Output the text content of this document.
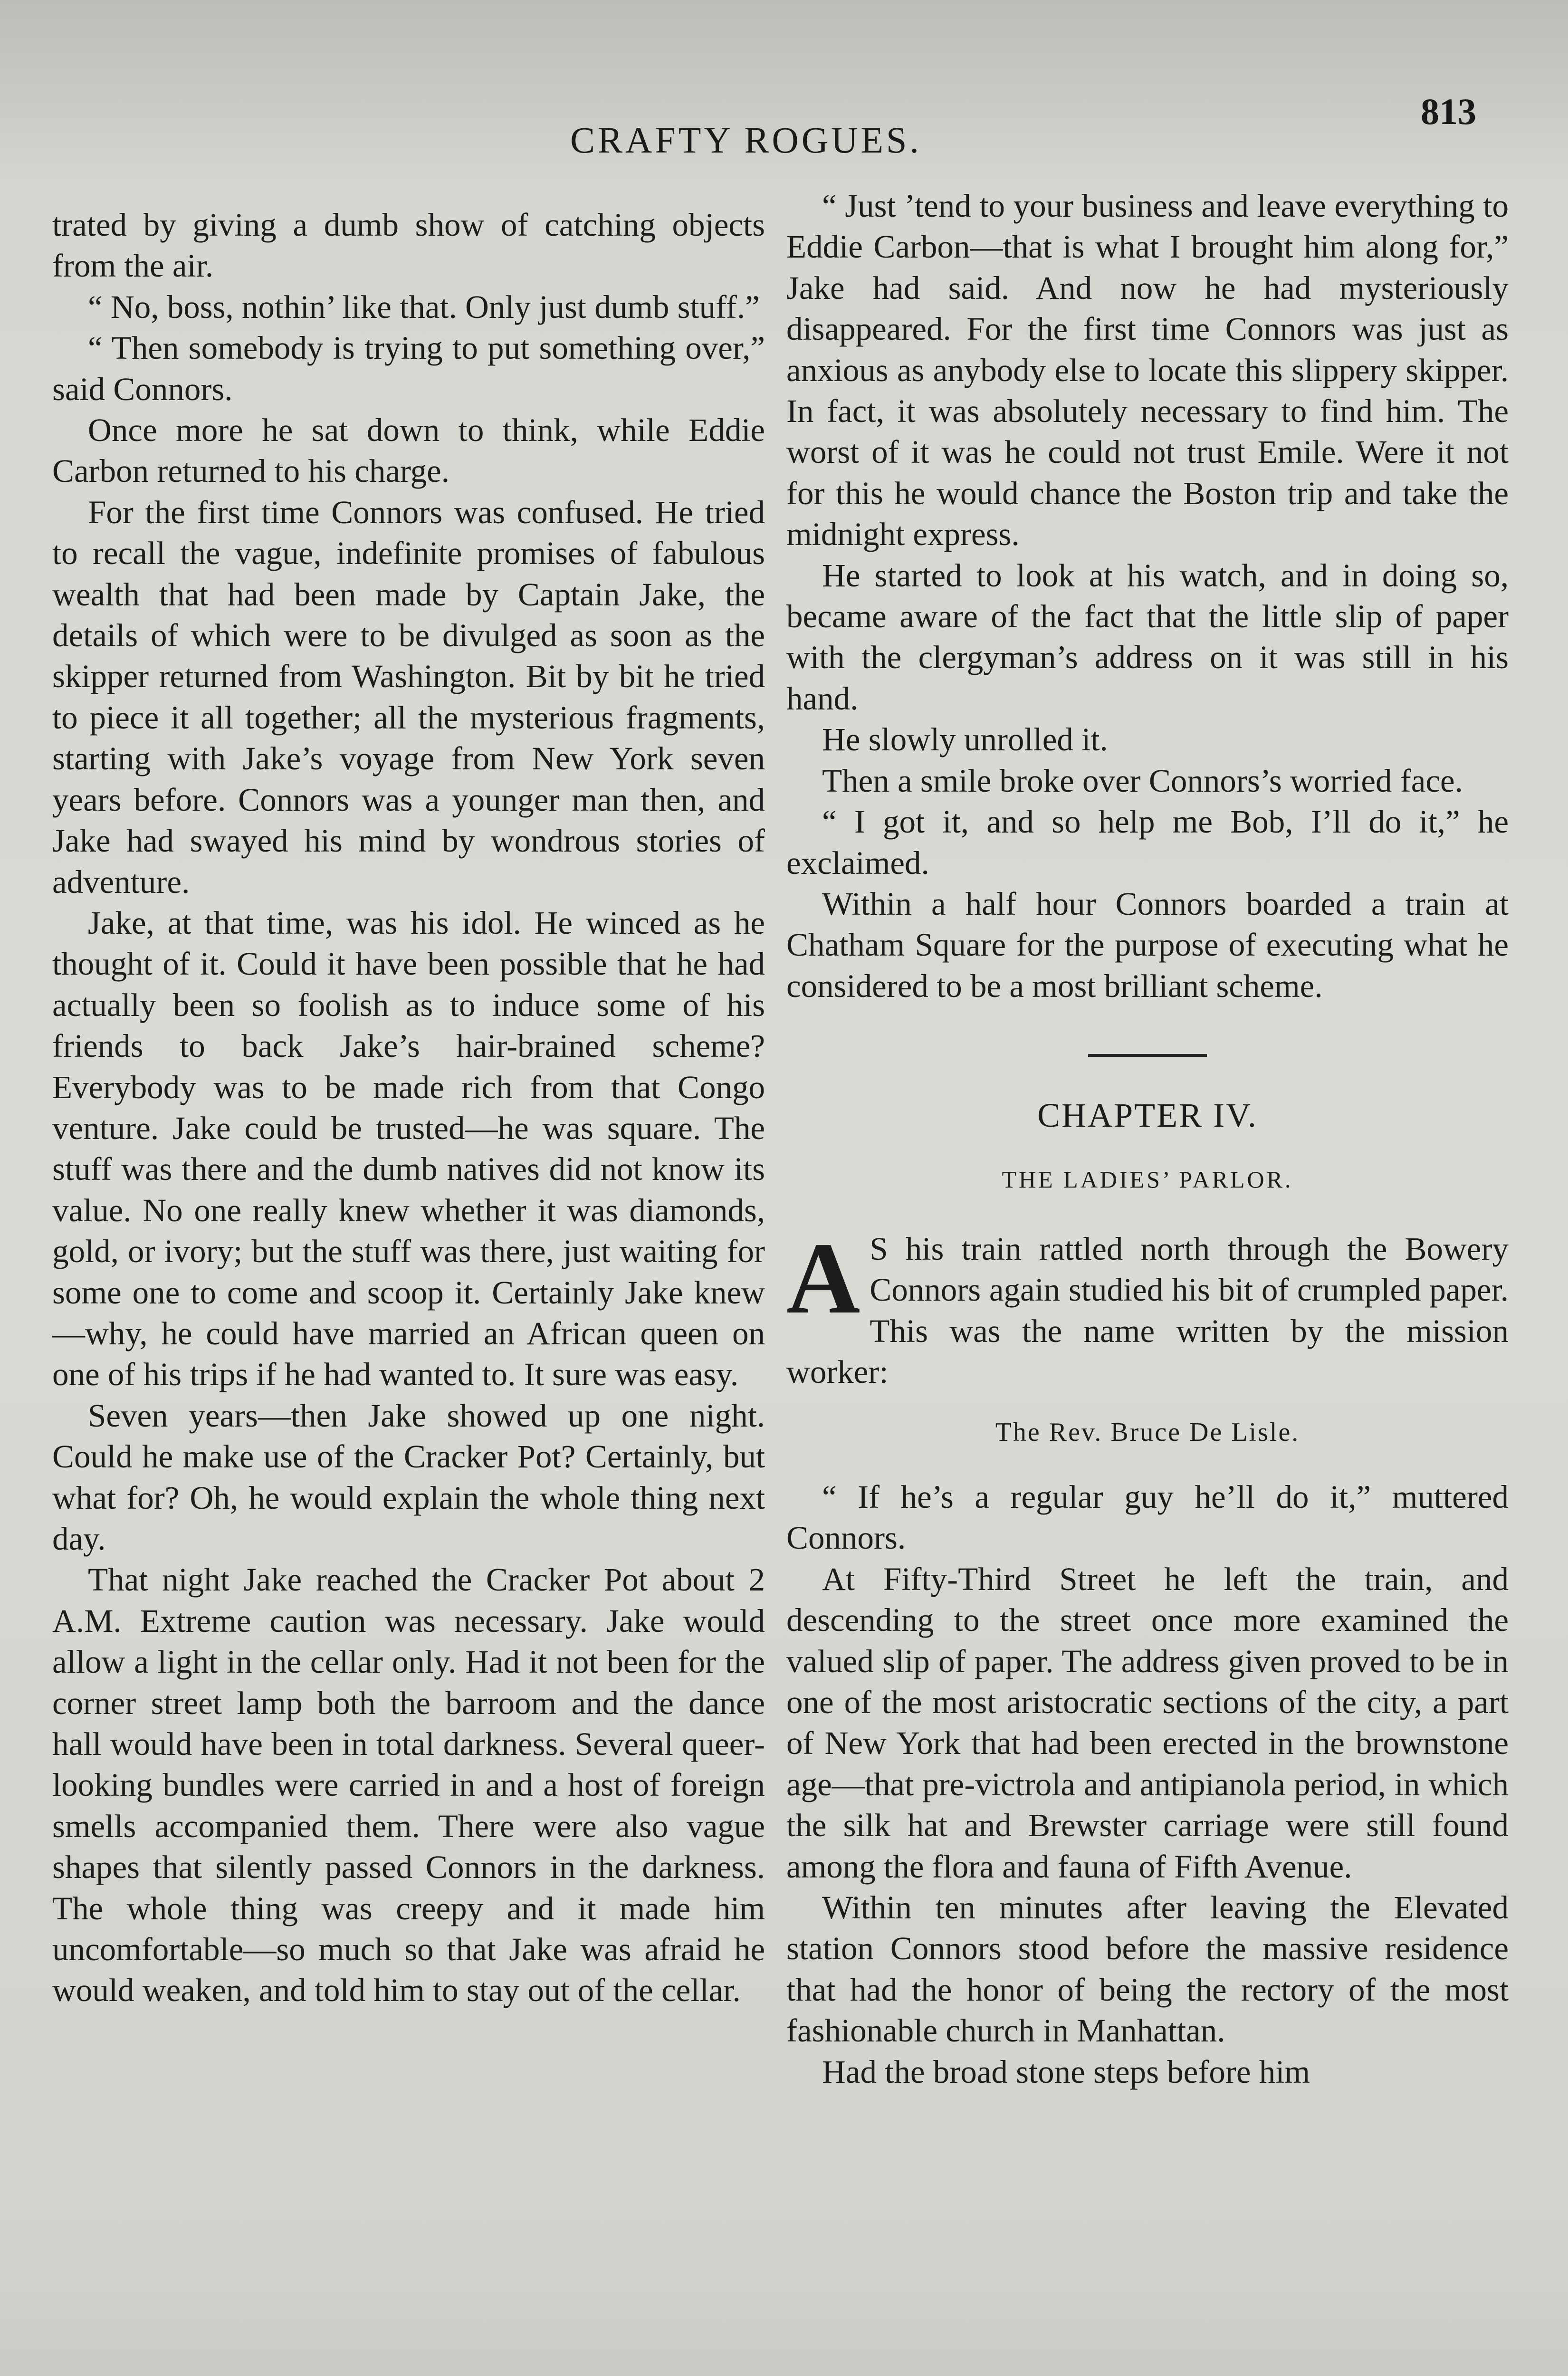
CRAFTY ROGUES.
813

trated by giving a dumb show of catching objects from the air.

“ No, boss, nothin’ like that. Only just dumb stuff.”

“ Then somebody is trying to put something over,” said Connors.

Once more he sat down to think, while Eddie Carbon returned to his charge.

For the first time Connors was confused. He tried to recall the vague, indefinite promises of fabulous wealth that had been made by Captain Jake, the details of which were to be divulged as soon as the skipper returned from Washington. Bit by bit he tried to piece it all together; all the mysterious fragments, starting with Jake’s voyage from New York seven years before. Connors was a younger man then, and Jake had swayed his mind by wondrous stories of adventure.

Jake, at that time, was his idol. He winced as he thought of it. Could it have been possible that he had actually been so foolish as to induce some of his friends to back Jake’s hair-brained scheme? Everybody was to be made rich from that Congo venture. Jake could be trusted—he was square. The stuff was there and the dumb natives did not know its value. No one really knew whether it was diamonds, gold, or ivory; but the stuff was there, just waiting for some one to come and scoop it. Certainly Jake knew—why, he could have married an African queen on one of his trips if he had wanted to. It sure was easy.

Seven years—then Jake showed up one night. Could he make use of the Cracker Pot? Certainly, but what for? Oh, he would explain the whole thing next day.

That night Jake reached the Cracker Pot about 2 A.M. Extreme caution was necessary. Jake would allow a light in the cellar only. Had it not been for the corner street lamp both the barroom and the dance hall would have been in total darkness. Several queer-looking bundles were carried in and a host of foreign smells accompanied them. There were also vague shapes that silently passed Connors in the darkness. The whole thing was creepy and it made him uncomfortable—so much so that Jake was afraid he would weaken, and told him to stay out of the cellar.

“ Just ’tend to your business and leave everything to Eddie Carbon—that is what I brought him along for,” Jake had said. And now he had mysteriously disappeared. For the first time Connors was just as anxious as anybody else to locate this slippery skipper. In fact, it was absolutely necessary to find him. The worst of it was he could not trust Emile. Were it not for this he would chance the Boston trip and take the midnight express.

He started to look at his watch, and in doing so, became aware of the fact that the little slip of paper with the clergyman’s address on it was still in his hand.

He slowly unrolled it.

Then a smile broke over Connors’s worried face.

“ I got it, and so help me Bob, I’ll do it,” he exclaimed.

Within a half hour Connors boarded a train at Chatham Square for the purpose of executing what he considered to be a most brilliant scheme.

CHAPTER IV.
THE LADIES’ PARLOR.

A S his train rattled north through the Bowery Connors again studied his bit of crumpled paper. This was the name written by the mission worker:

The Rev. Bruce De Lisle.

“ If he’s a regular guy he’ll do it,” muttered Connors.

At Fifty-Third Street he left the train, and descending to the street once more examined the valued slip of paper. The address given proved to be in one of the most aristocratic sections of the city, a part of New York that had been erected in the brownstone age—that pre-victrola and antipianola period, in which the silk hat and Brewster carriage were still found among the flora and fauna of Fifth Avenue.

Within ten minutes after leaving the Elevated station Connors stood before the massive residence that had the honor of being the rectory of the most fashionable church in Manhattan.

Had the broad stone steps before him
